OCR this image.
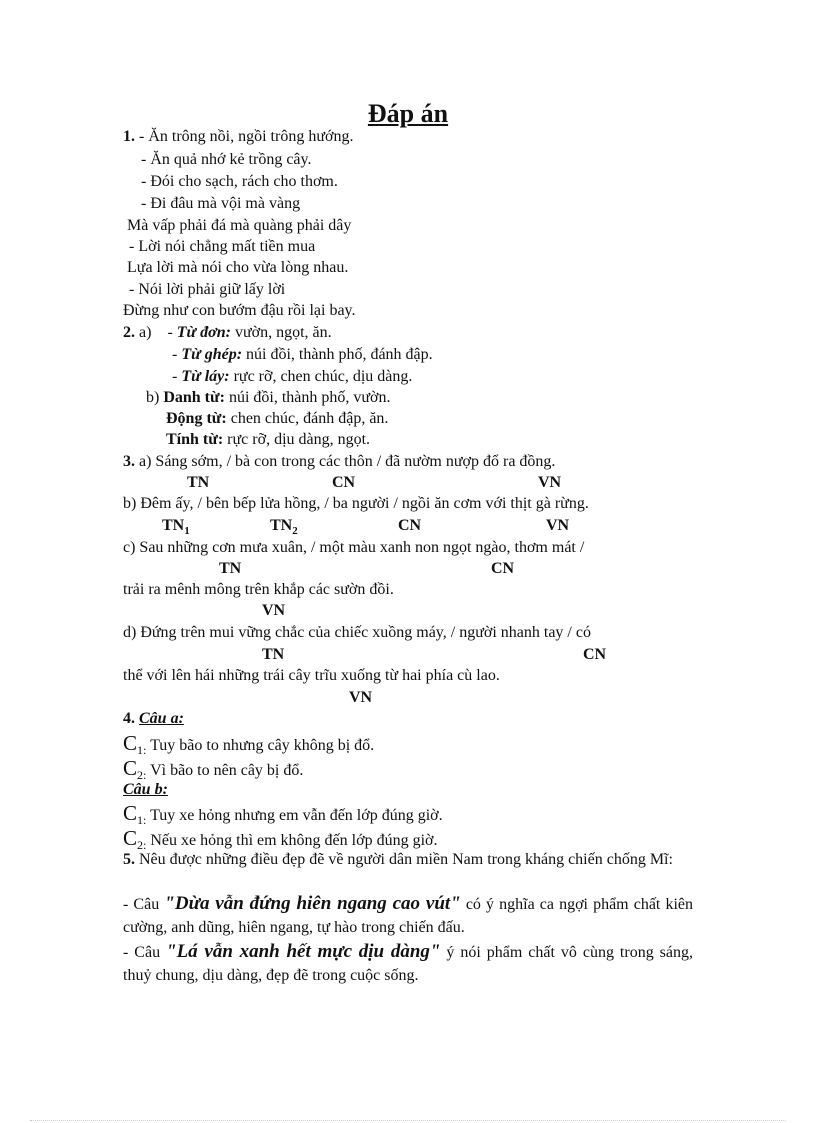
Đáp án
1. - Ăn trông nồi, ngồi trông hướng.
- Ăn quả nhớ kẻ trồng cây.
- Đói cho sạch, rách cho thơm.
- Đi đâu mà vội mà vàng
Mà vấp phải đá mà quàng phải dây
- Lời nói chẳng mất tiền mua
Lựa lời mà nói cho vừa lòng nhau.
- Nói lời phải giữ lấy lời
Đừng như con bướm đậu rồi lại bay.
2. a)    - Từ đơn: vườn, ngọt, ăn.
- Từ ghép: núi đồi, thành phố, đánh đập.
- Từ láy: rực rỡ, chen chúc, dịu dàng.
b) Danh từ: núi đồi, thành phố, vườn.
Động từ: chen chúc, đánh đập, ăn.
Tính từ: rực rỡ, dịu dàng, ngọt.
3. a) Sáng sớm, / bà con trong các thôn / đã nườm nượp đổ ra đồng.
TN	CN	VN
b) Đêm ấy, / bên bếp lửa hồng, / ba người / ngồi ăn cơm với thịt gà rừng.
$TN_1$	$TN_2$	CN	VN
c) Sau những cơn mưa xuân, / một màu xanh non ngọt ngào, thơm mát /
TN	CN
trải ra mênh mông trên khắp các sườn đồi.
VN
d) Đứng trên mui vững chắc của chiếc xuồng máy, / người nhanh tay / có
TN	CN
thể với lên hái những trái cây trĩu xuống từ hai phía cù lao.
VN
4. Câu a:
$C_{1:}$ Tuy bão to nhưng cây không bị đổ.
$C_{2:}$ Vì bão to nên cây bị đổ.
Câu b:
$C_{1:}$ Tuy xe hỏng nhưng em vẫn đến lớp đúng giờ.
$C_{2:}$ Nếu xe hỏng thì em không đến lớp đúng giờ.
5. Nêu được những điều đẹp đẽ về người dân miền Nam trong kháng chiến chống Mĩ:
- Câu "Dừa vẫn đứng hiên ngang cao vút" có ý nghĩa ca ngợi phẩm chất kiên cường, anh dũng, hiên ngang, tự hào trong chiến đấu.
- Câu "Lá vẫn xanh hết mực dịu dàng" ý nói phẩm chất vô cùng trong sáng, thuỷ chung, dịu dàng, đẹp đẽ trong cuộc sống.
